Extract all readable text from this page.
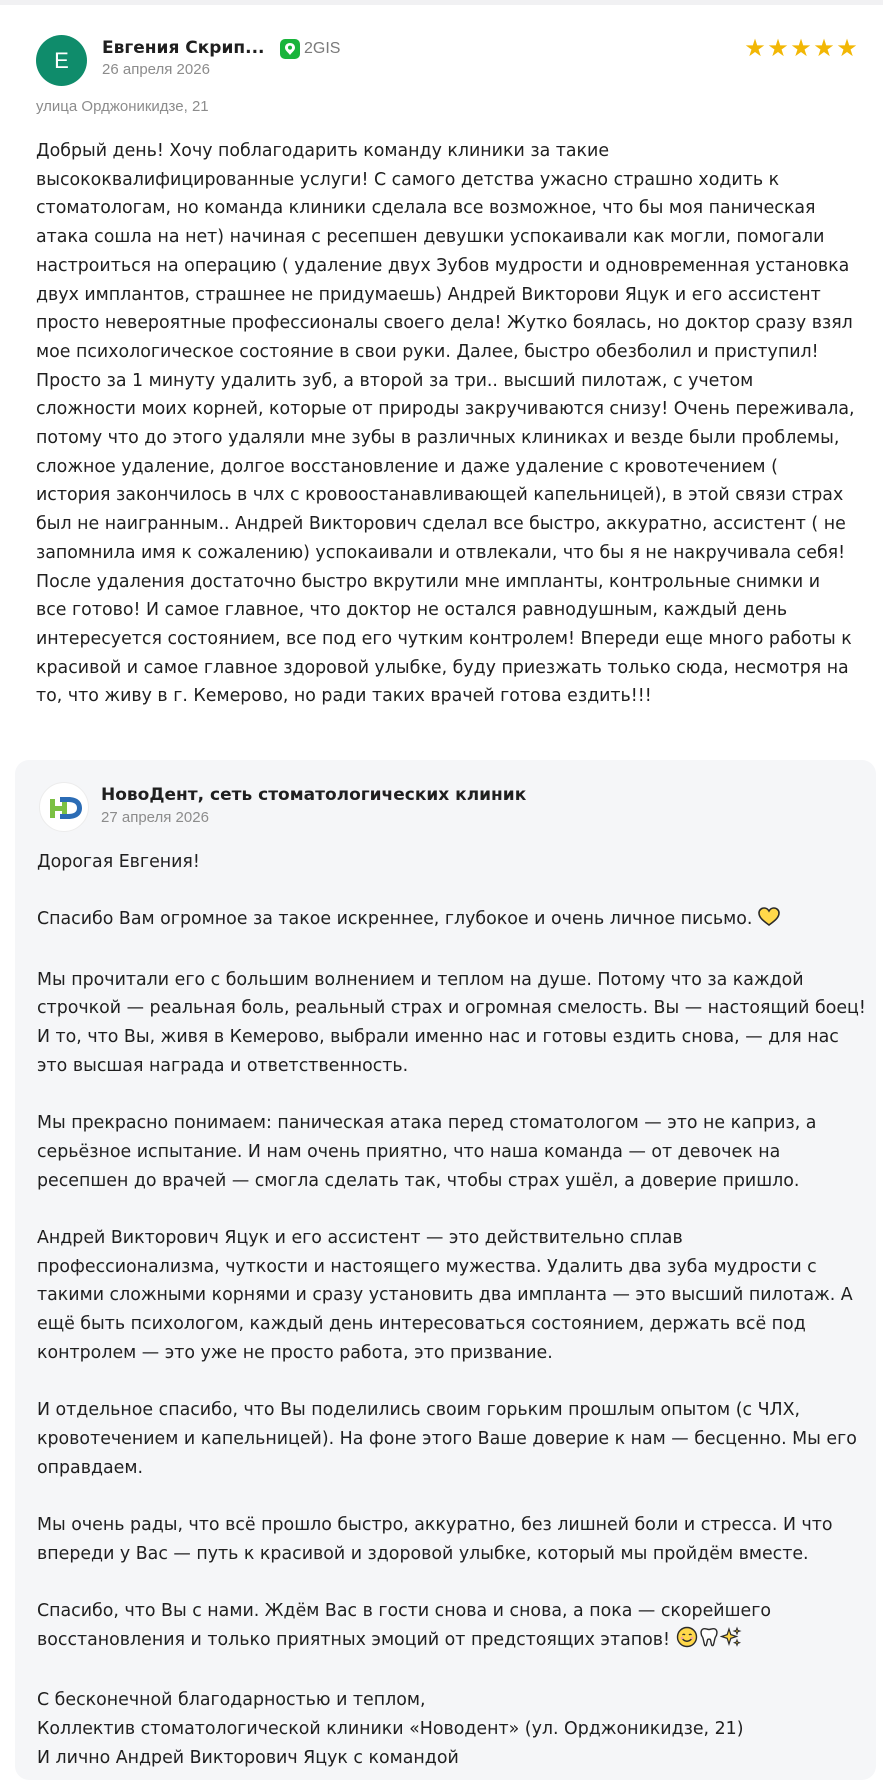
Е	Евгения Скрип... 2GIS
26 апреля 2026
★ ★ ★ ★ ★
улица Орджоникидзе, 21
Добрый день! Хочу поблагодарить команду клиники за такие высококвалифицированные услуги! С самого детства ужасно страшно ходить к стоматологам, но команда клиники сделала все возможное, что бы моя паническая атака сошла на нет) начиная с ресепшен девушки успокаивали как могли, помогали настроиться на операцию ( удаление двух Зубов мудрости и одновременная установка двух имплантов, страшнее не придумаешь) Андрей Викторови Яцук и его ассистент просто невероятные профессионалы своего дела! Жутко боялась, но доктор сразу взял мое психологическое состояние в свои руки. Далее, быстро обезболил и приступил! Просто за 1 минуту удалить зуб, а второй за три.. высший пилотаж, с учетом сложности моих корней, которые от природы закручиваются снизу! Очень переживала, потому что до этого удаляли мне зубы в различных клиниках и везде были проблемы, сложное удаление, долгое восстановление и даже удаление с кровотечением ( история закончилось в члх с кровоостанавливающей капельницей), в этой связи страх был не наигранным.. Андрей Викторович сделал все быстро, аккуратно, ассистент ( не запомнила имя к сожалению) успокаивали и отвлекали, что бы я не накручивала себя! После удаления достаточно быстро вкрутили мне импланты, контрольные снимки и все готово! И самое главное, что доктор не остался равнодушным, каждый день интересуется состоянием, все под его чутким контролем! Впереди еще много работы к красивой и самое главное здоровой улыбке, буду приезжать только сюда, несмотря на то, что живу в г. Кемерово, но ради таких врачей готова ездить!!!
НовоДент, сеть стоматологических клиник
27 апреля 2026

Дорогая Евгения!

Спасибо Вам огромное за такое искреннее, глубокое и очень личное письмо.

Мы прочитали его с большим волнением и теплом на душе. Потому что за каждой строчкой — реальная боль, реальный страх и огромная смелость. Вы — настоящий боец! И то, что Вы, живя в Кемерово, выбрали именно нас и готовы ездить снова, — для нас это высшая награда и ответственность.

Мы прекрасно понимаем: паническая атака перед стоматологом — это не каприз, а серьёзное испытание. И нам очень приятно, что наша команда — от девочек на ресепшен до врачей — смогла сделать так, чтобы страх ушёл, а доверие пришло.

Андрей Викторович Яцук и его ассистент — это действительно сплав профессионализма, чуткости и настоящего мужества. Удалить два зуба мудрости с такими сложными корнями и сразу установить два импланта — это высший пилотаж. А ещё быть психологом, каждый день интересоваться состоянием, держать всё под контролем — это уже не просто работа, это призвание.

И отдельное спасибо, что Вы поделились своим горьким прошлым опытом (с ЧЛХ, кровотечением и капельницей). На фоне этого Ваше доверие к нам — бесценно. Мы его оправдаем.

Мы очень рады, что всё прошло быстро, аккуратно, без лишней боли и стресса. И что впереди у Вас — путь к красивой и здоровой улыбке, который мы пройдём вместе.

Спасибо, что Вы с нами. Ждём Вас в гости снова и снова, а пока — скорейшего восстановления и только приятных эмоций от предстоящих этапов!

С бесконечной благодарностью и теплом,

Коллектив стоматологической клиники «Новодент» (ул. Орджоникидзе, 21)

И лично Андрей Викторович Яцук с командой
